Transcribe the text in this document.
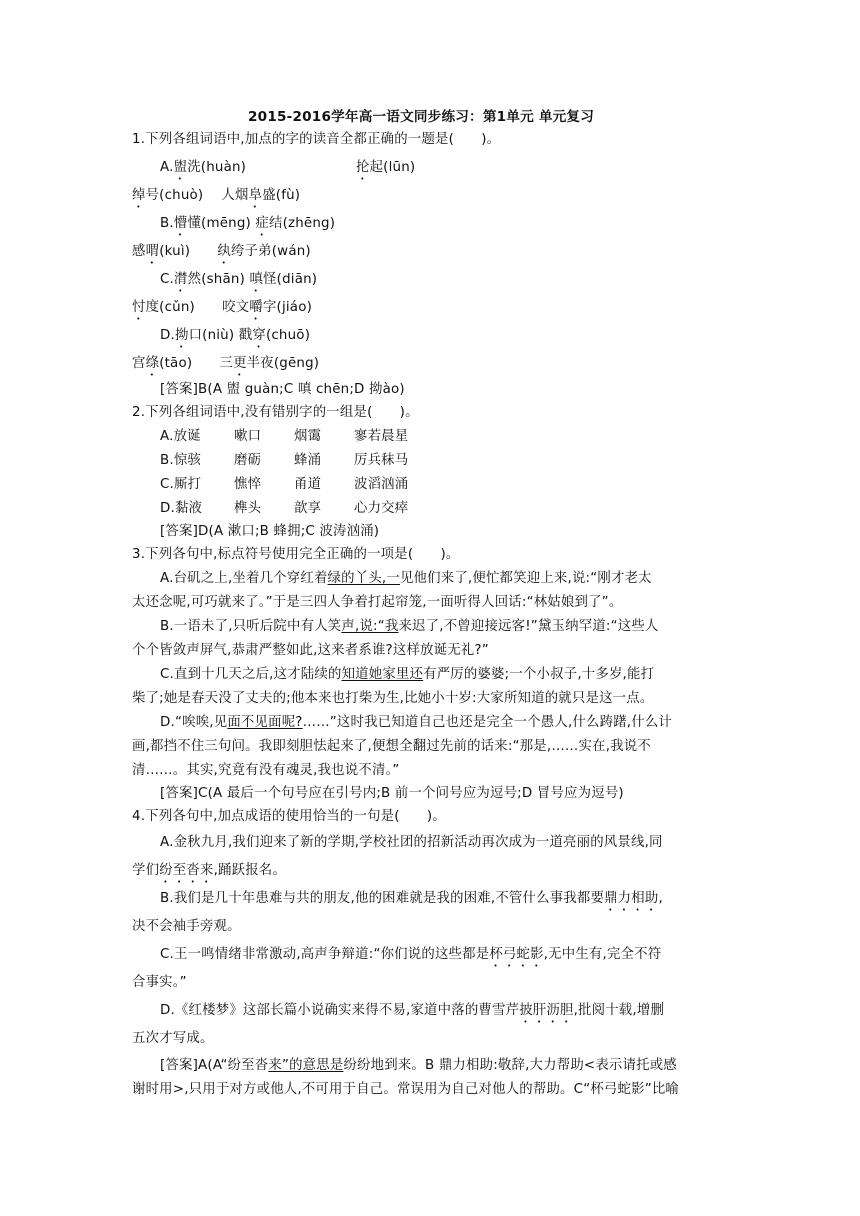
2015-2016学年高一语文同步练习：第1单元 单元复习
1.下列各组词语中,加点的字的读音全都正确的一题是(　　)。
A.盥洗(huàn)	抡起(lūn)
绰号(chuò)　 人烟阜盛(fù)
B.懵懂(mēng) 症结(zhēng)
感喟(kuì)　　纨绔子弟(wán)
C.潸然(shān) 嗔怪(diān)
忖度(cǔn)　　咬文嚼字(jiáo)
D.拗口(niù) 戳穿(chuō)
宫绦(tāo)　　三更半夜(gēng)
[答案]B(A 盥 guàn;C 嗔 chēn;D 拗ào)
2.下列各组词语中,没有错别字的一组是(　　)。
A.放诞 嗽口 烟霭 寥若晨星
B.惊骇 磨砺 蜂涌 厉兵秣马
C.厮打 憔悴 甬道 波滔汹涌
D.黏液 榫头 歆享 心力交瘁
[答案]D(A 漱口;B 蜂拥;C 波涛汹涌)
3.下列各句中,标点符号使用完全正确的一项是(　　)。
A.台矶之上,坐着几个穿红着绿的丫头,一见他们来了,便忙都笑迎上来,说:“刚才老太
太还念呢,可巧就来了。”于是三四人争着打起帘笼,一面听得人回话:“林姑娘到了”。
B.一语未了,只听后院中有人笑声,说:“我来迟了,不曾迎接远客!”黛玉纳罕道:“这些人
个个皆敛声屏气,恭肃严整如此,这来者系谁?这样放诞无礼?”
C.直到十几天之后,这才陆续的知道她家里还有严厉的婆婆;一个小叔子,十多岁,能打
柴了;她是春天没了丈夫的;他本来也打柴为生,比她小十岁:大家所知道的就只是这一点。
D.“唉唉,见面不见面呢?……”这时我已知道自己也还是完全一个愚人,什么踌躇,什么计
画,都挡不住三句问。我即刻胆怯起来了,便想全翻过先前的话来:“那是,……实在,我说不
清……。其实,究竟有没有魂灵,我也说不清。”
[答案]C(A 最后一个句号应在引号内;B 前一个问号应为逗号;D 冒号应为逗号)
4.下列各句中,加点成语的使用恰当的一句是(　　)。
A.金秋九月,我们迎来了新的学期,学校社团的招新活动再次成为一道亮丽的风景线,同
学们纷至沓来,踊跃报名。
B.我们是几十年患难与共的朋友,他的困难就是我的困难,不管什么事我都要鼎力相助,
决不会袖手旁观。
C.王一鸣情绪非常激动,高声争辩道:“你们说的这些都是杯弓蛇影,无中生有,完全不符
合事实。”
D.《红楼梦》这部长篇小说确实来得不易,家道中落的曹雪芹披肝沥胆,批阅十载,增删
五次才写成。
[答案]A(A“纷至沓来”的意思是纷纷地到来。B 鼎力相助:敬辞,大力帮助<表示请托或感
谢时用>,只用于对方或他人,不可用于自己。常误用为自己对他人的帮助。C“杯弓蛇影”比喻
